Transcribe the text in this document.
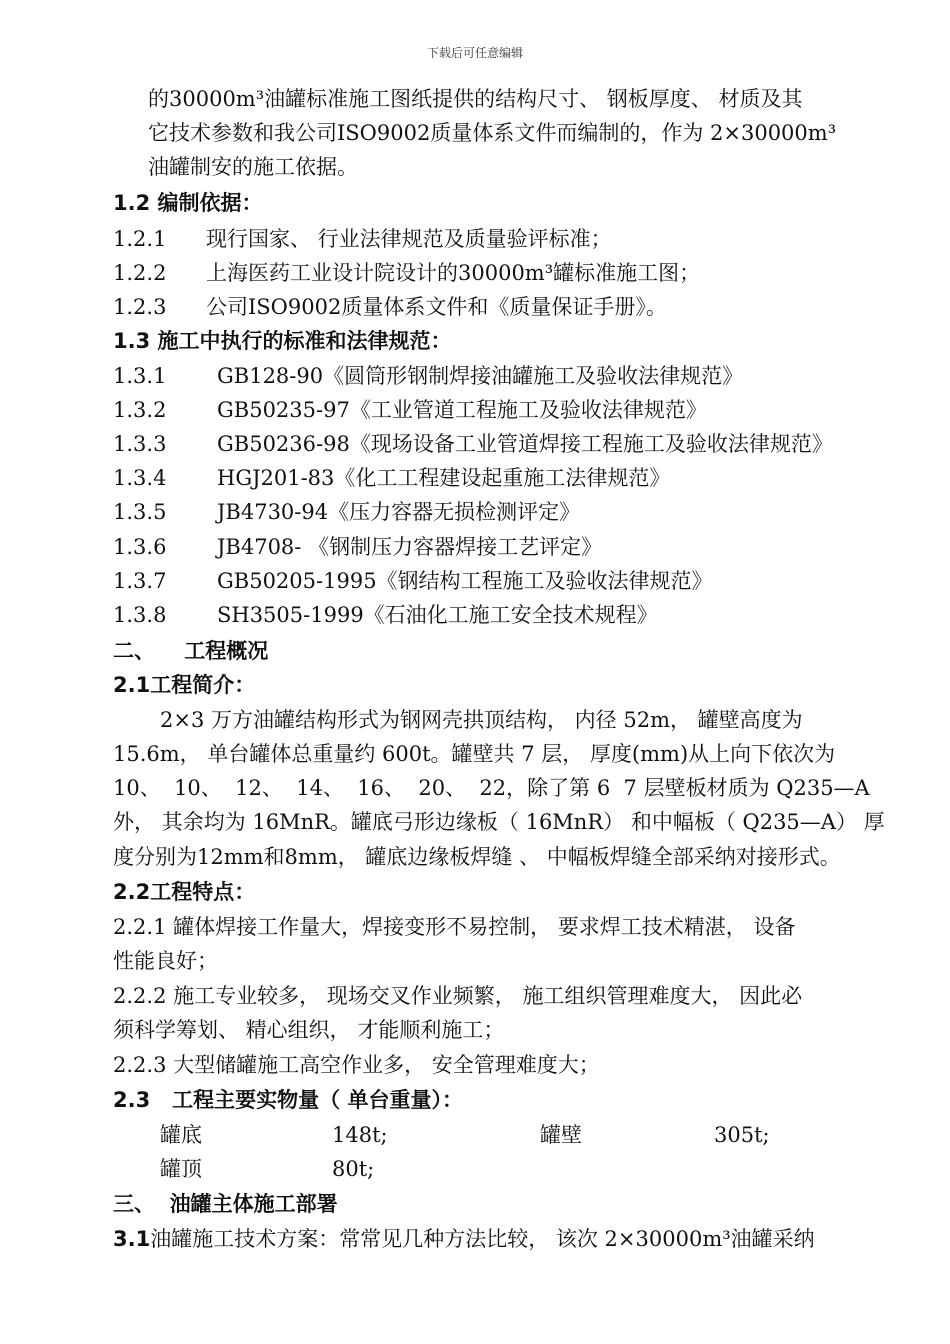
下载后可任意编辑
的30000m³油罐标准施工图纸提供的结构尺寸、 钢板厚度、 材质及其
它技术参数和我公司ISO9002质量体系文件而编制的，作为 2×30000m³
油罐制安的施工依据。
1.2 编制依据：
1.2.1 现行国家、 行业法律规范及质量验评标准；
1.2.2 上海医药工业设计院设计的30000m³罐标准施工图；
1.2.3 公司ISO9002质量体系文件和《质量保证手册》。
1.3 施工中执行的标准和法律规范：
1.3.1 GB128-90《圆筒形钢制焊接油罐施工及验收法律规范》
1.3.2 GB50235-97《工业管道工程施工及验收法律规范》
1.3.3 GB50236-98《现场设备工业管道焊接工程施工及验收法律规范》
1.3.4 HGJ201-83《化工工程建设起重施工法律规范》
1.3.5 JB4730-94《压力容器无损检测评定》
1.3.6 JB4708- 《钢制压力容器焊接工艺评定》
1.3.7 GB50205-1995《钢结构工程施工及验收法律规范》
1.3.8 SH3505-1999《石油化工施工安全技术规程》
二、    工程概况
2.1工程简介：
2×3 万方油罐结构形式为钢网壳拱顶结构， 内径 52m， 罐壁高度为
15.6m， 单台罐体总重量约 600t。罐壁共 7 层， 厚度(mm)从上向下依次为
10、  10、  12、  14、  16、  20、  22，除了第 6  7 层壁板材质为 Q235—A
外， 其余均为 16MnR。罐底弓形边缘板（ 16MnR） 和中幅板（ Q235—A） 厚
度分别为12mm和8mm， 罐底边缘板焊缝 、 中幅板焊缝全部采纳对接形式。
2.2工程特点：
2.2.1 罐体焊接工作量大，焊接变形不易控制， 要求焊工技术精湛， 设备
性能良好；
2.2.2 施工专业较多， 现场交叉作业频繁， 施工组织管理难度大， 因此必
须科学筹划、 精心组织， 才能顺利施工；
2.2.3 大型储罐施工高空作业多， 安全管理难度大；
2.3   工程主要实物量（ 单台重量）：
罐底	148t;	罐壁	305t;
罐顶	80t;
三、  油罐主体施工部署
3.1油罐施工技术方案：常常见几种方法比较， 该次 2×30000m³油罐采纳
